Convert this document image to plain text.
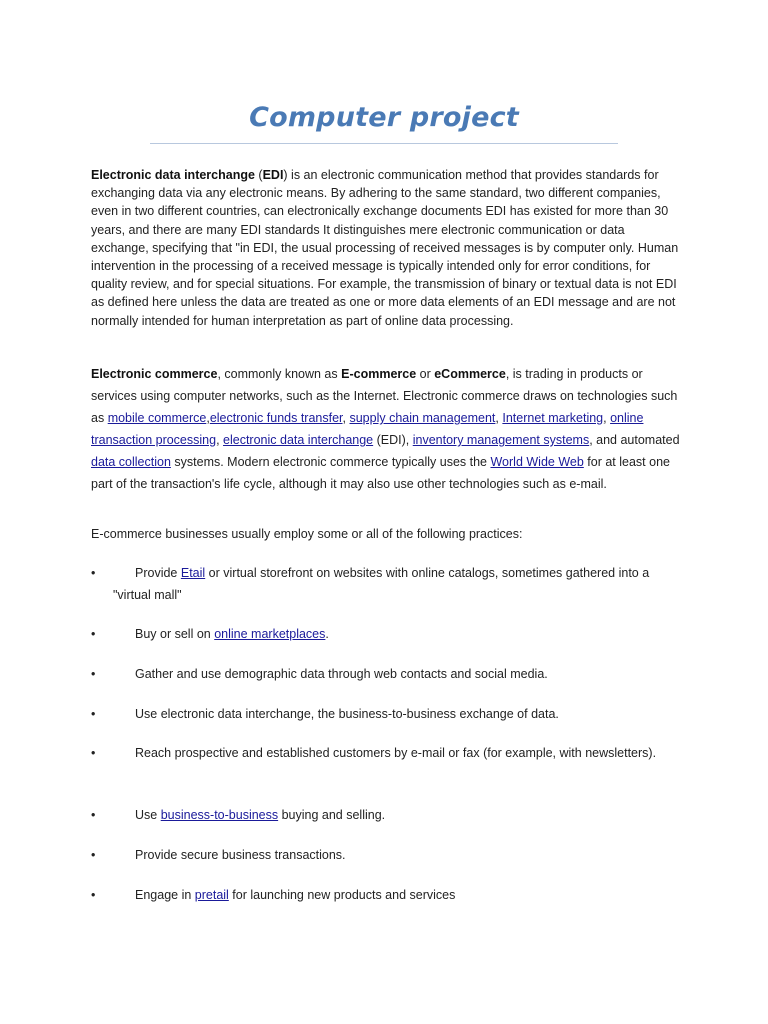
Computer project

Electronic data interchange (EDI) is an electronic communication method that provides standards for exchanging data via any electronic means. By adhering to the same standard, two different companies, even in two different countries, can electronically exchange documents EDI has existed for more than 30 years, and there are many EDI standards It distinguishes mere electronic communication or data exchange, specifying that "in EDI, the usual processing of received messages is by computer only. Human intervention in the processing of a received message is typically intended only for error conditions, for quality review, and for special situations. For example, the transmission of binary or textual data is not EDI as defined here unless the data are treated as one or more data elements of an EDI message and are not normally intended for human interpretation as part of online data processing.

Electronic commerce, commonly known as E-commerce or eCommerce, is trading in products or services using computer networks, such as the Internet. Electronic commerce draws on technologies such as mobile commerce,electronic funds transfer, supply chain management, Internet marketing, online transaction processing, electronic data interchange (EDI), inventory management systems, and automated data collection systems. Modern electronic commerce typically uses the World Wide Web for at least one part of the transaction's life cycle, although it may also use other technologies such as e-mail.

E-commerce businesses usually employ some or all of the following practices:

•	Provide Etail or virtual storefront on websites with online catalogs, sometimes gathered into a "virtual mall"
•	Buy or sell on online marketplaces.
•	Gather and use demographic data through web contacts and social media.
•	Use electronic data interchange, the business-to-business exchange of data.
•	Reach prospective and established customers by e-mail or fax (for example, with newsletters).
•	Use business-to-business buying and selling.
•	Provide secure business transactions.
•	Engage in pretail for launching new products and services
